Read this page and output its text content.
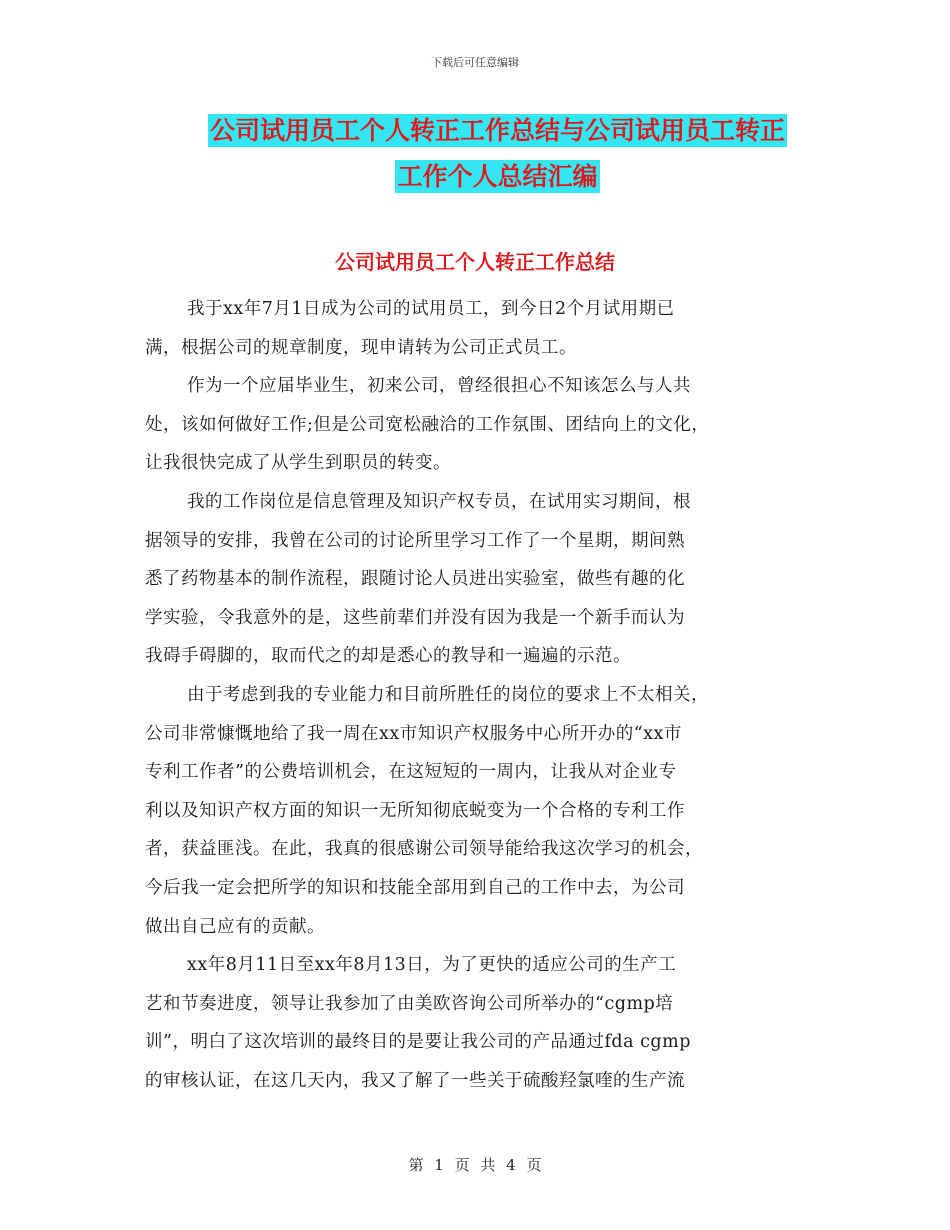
下载后可任意编辑
公司试用员工个人转正工作总结与公司试用员工转正
工作个人总结汇编
公司试用员工个人转正工作总结
我于xx年7月1日成为公司的试用员工，到今日2个月试用期已
满，根据公司的规章制度，现申请转为公司正式员工。
作为一个应届毕业生，初来公司，曾经很担心不知该怎么与人共
处，该如何做好工作;但是公司宽松融洽的工作氛围、团结向上的文化，
让我很快完成了从学生到职员的转变。
我的工作岗位是信息管理及知识产权专员，在试用实习期间，根
据领导的安排，我曾在公司的讨论所里学习工作了一个星期，期间熟
悉了药物基本的制作流程，跟随讨论人员进出实验室，做些有趣的化
学实验，令我意外的是，这些前辈们并没有因为我是一个新手而认为
我碍手碍脚的，取而代之的却是悉心的教导和一遍遍的示范。
由于考虑到我的专业能力和目前所胜任的岗位的要求上不太相关，
公司非常慷慨地给了我一周在xx市知识产权服务中心所开办的“xx市
专利工作者”的公费培训机会，在这短短的一周内，让我从对企业专
利以及知识产权方面的知识一无所知彻底蜕变为一个合格的专利工作
者，获益匪浅。在此，我真的很感谢公司领导能给我这次学习的机会，
今后我一定会把所学的知识和技能全部用到自己的工作中去，为公司
做出自己应有的贡献。
xx年8月11日至xx年8月13日，为了更快的适应公司的生产工
艺和节奏进度，领导让我参加了由美欧咨询公司所举办的“cgmp培
训”，明白了这次培训的最终目的是要让我公司的产品通过fda cgmp
的审核认证，在这几天内，我又了解了一些关于硫酸羟氯喹的生产流
第 1 页 共 4 页
